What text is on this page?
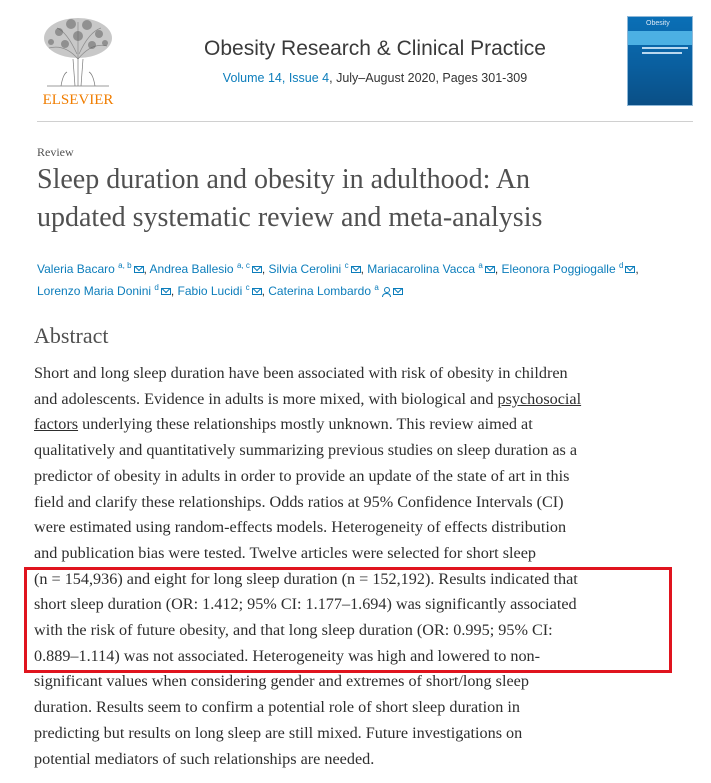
ELSEVIER
Obesity Research & Clinical Practice
Volume 14, Issue 4, July–August 2020, Pages 301-309
Obesity
Review
Sleep duration and obesity in adulthood: An
updated systematic review and meta-analysis
Valeria Bacaro $^{a, b}$ , Andrea Ballesio $^{a, c}$ , Silvia Cerolini $^c$ , Mariacarolina Vacca $^a$ , Eleonora Poggiogalle $^d$ ,
Lorenzo Maria Donini $^d$ , Fabio Lucidi $^c$ , Caterina Lombardo $^a$
Abstract
Short and long sleep duration have been associated with risk of obesity in children
and adolescents. Evidence in adults is more mixed, with biological and psychosocial
factors underlying these relationships mostly unknown. This review aimed at
qualitatively and quantitatively summarizing previous studies on sleep duration as a
predictor of obesity in adults in order to provide an update of the state of art in this
field and clarify these relationships. Odds ratios at 95% Confidence Intervals (CI)
were estimated using random-effects models. Heterogeneity of effects distribution
and publication bias were tested. Twelve articles were selected for short sleep
(n = 154,936) and eight for long sleep duration (n = 152,192). Results indicated that
short sleep duration (OR: 1.412; 95% CI: 1.177–1.694) was significantly associated
with the risk of future obesity, and that long sleep duration (OR: 0.995; 95% CI:
0.889–1.114) was not associated. Heterogeneity was high and lowered to non-
significant values when considering gender and extremes of short/long sleep
duration. Results seem to confirm a potential role of short sleep duration in
predicting but results on long sleep are still mixed. Future investigations on
potential mediators of such relationships are needed.
